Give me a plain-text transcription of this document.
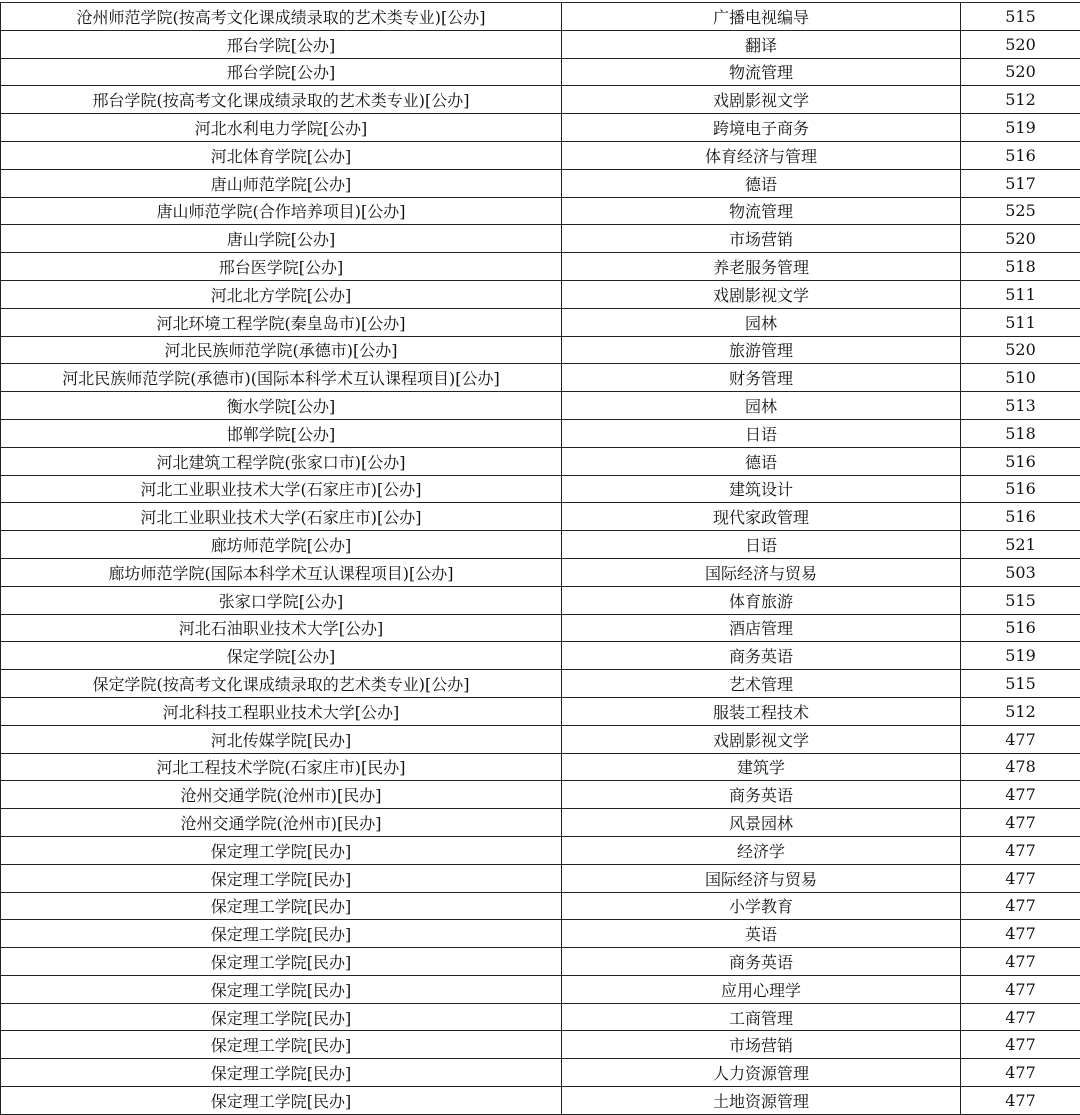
沧州师范学院(按高考文化课成绩录取的艺术类专业)[公办]	广播电视编导	515
邢台学院[公办]	翻译	520
邢台学院[公办]	物流管理	520
邢台学院(按高考文化课成绩录取的艺术类专业)[公办]	戏剧影视文学	512
河北水利电力学院[公办]	跨境电子商务	519
河北体育学院[公办]	体育经济与管理	516
唐山师范学院[公办]	德语	517
唐山师范学院(合作培养项目)[公办]	物流管理	525
唐山学院[公办]	市场营销	520
邢台医学院[公办]	养老服务管理	518
河北北方学院[公办]	戏剧影视文学	511
河北环境工程学院(秦皇岛市)[公办]	园林	511
河北民族师范学院(承德市)[公办]	旅游管理	520
河北民族师范学院(承德市)(国际本科学术互认课程项目)[公办]	财务管理	510
衡水学院[公办]	园林	513
邯郸学院[公办]	日语	518
河北建筑工程学院(张家口市)[公办]	德语	516
河北工业职业技术大学(石家庄市)[公办]	建筑设计	516
河北工业职业技术大学(石家庄市)[公办]	现代家政管理	516
廊坊师范学院[公办]	日语	521
廊坊师范学院(国际本科学术互认课程项目)[公办]	国际经济与贸易	503
张家口学院[公办]	体育旅游	515
河北石油职业技术大学[公办]	酒店管理	516
保定学院[公办]	商务英语	519
保定学院(按高考文化课成绩录取的艺术类专业)[公办]	艺术管理	515
河北科技工程职业技术大学[公办]	服装工程技术	512
河北传媒学院[民办]	戏剧影视文学	477
河北工程技术学院(石家庄市)[民办]	建筑学	478
沧州交通学院(沧州市)[民办]	商务英语	477
沧州交通学院(沧州市)[民办]	风景园林	477
保定理工学院[民办]	经济学	477
保定理工学院[民办]	国际经济与贸易	477
保定理工学院[民办]	小学教育	477
保定理工学院[民办]	英语	477
保定理工学院[民办]	商务英语	477
保定理工学院[民办]	应用心理学	477
保定理工学院[民办]	工商管理	477
保定理工学院[民办]	市场营销	477
保定理工学院[民办]	人力资源管理	477
保定理工学院[民办]	土地资源管理	477
